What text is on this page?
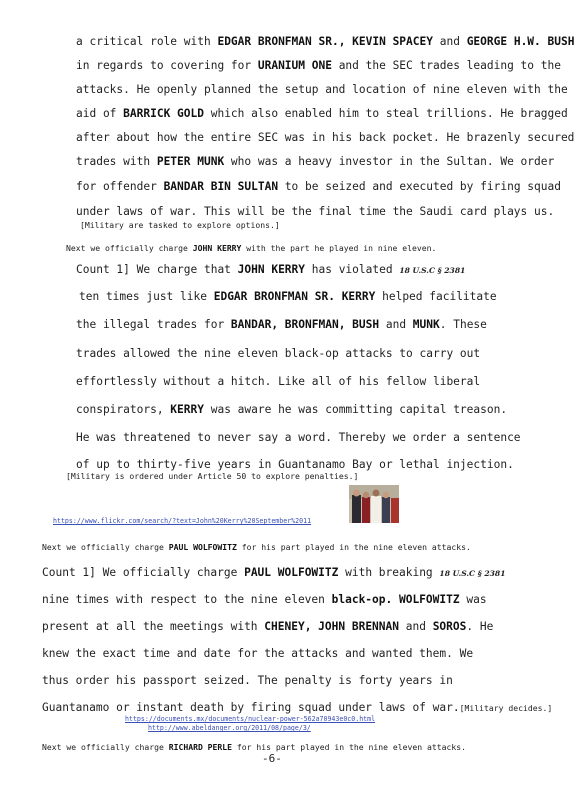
a critical role with EDGAR BRONFMAN SR., KEVIN SPACEY and GEORGE H.W. BUSH
in regards to covering for URANIUM ONE and the SEC trades leading to the
attacks. He openly planned the setup and location of nine eleven with the
aid of BARRICK GOLD which also enabled him to steal trillions. He bragged
after about how the entire SEC was in his back pocket. He brazenly secured
trades with PETER MUNK who was a heavy investor in the Sultan. We order
for offender BANDAR BIN SULTAN to be seized and executed by firing squad
under laws of war. This will be the final time the Saudi card plays us.
[Military are tasked to explore options.]
Next we officially charge JOHN KERRY with the part he played in nine eleven.
Count 1] We charge that JOHN KERRY has violated 18 U.S.C § 2381
ten times just like EDGAR BRONFMAN SR. KERRY helped facilitate
the illegal trades for BANDAR, BRONFMAN, BUSH and MUNK. These
trades allowed the nine eleven black-op attacks to carry out
effortlessly without a hitch. Like all of his fellow liberal
conspirators, KERRY was aware he was committing capital treason.
He was threatened to never say a word. Thereby we order a sentence
of up to thirty-five years in Guantanamo Bay or lethal injection.
[Military is ordered under Article 50 to explore penalties.]
https://www.flickr.com/search/?text=John%20Kerry%20September%2011
Next we officially charge PAUL WOLFOWITZ for his part played in the nine eleven attacks.
Count 1] We officially charge PAUL WOLFOWITZ with breaking 18 U.S.C § 2381
nine times with respect to the nine eleven black-op. WOLFOWITZ was
present at all the meetings with CHENEY, JOHN BRENNAN and SOROS. He
knew the exact time and date for the attacks and wanted them. We
thus order his passport seized. The penalty is forty years in
Guantanamo or instant death by firing squad under laws of war.[Military decides.]
https://documents.mx/documents/nuclear-power-562a70943e0c0.html
http://www.abeldanger.org/2011/08/page/3/
Next we officially charge RICHARD PERLE for his part played in the nine eleven attacks.
-6-
